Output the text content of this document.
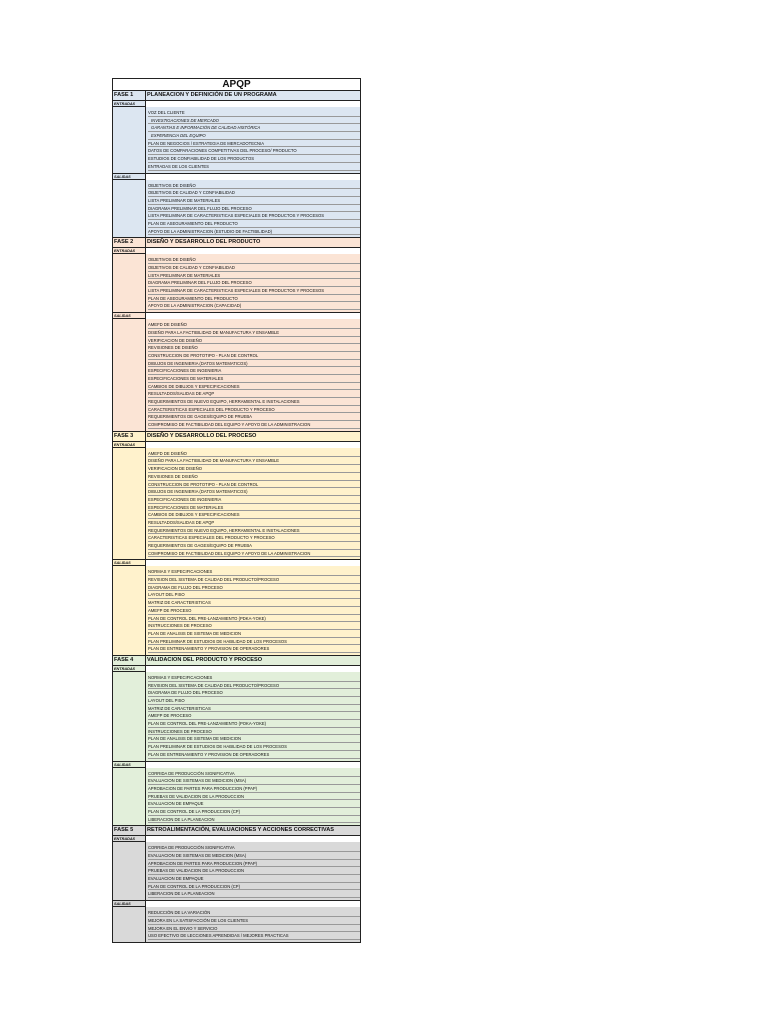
APQP
FASE 1	PLANEACION Y DEFINICIÓN DE UN PROGRAMA
ENTRADAS
VOZ DEL CLIENTE
INVESTIGACIONES DE MERCADO
GARANTIAS E INFORMACIÓN DE CALIDAD HISTÓRICA
EXPERIENCIA DEL EQUIPO
PLAN DE NEGOCIOS / ESTRATEGIA DE MERCADOTECNIA
DATOS DE COMPARACIONES COMPETITIVAS DEL PROCESO/ PRODUCTO
ESTUDIOS DE CONFIABILIDAD DE LOS PRODUCTOS
ENTRADAS DE LOS CLIENTES
SALIDAS
OBJETIVOS DE DISEÑO
OBJETIVOS DE CALIDAD Y CONFIABILIDAD
LISTA PRELIMINAR DE MATERIALES
DIAGRAMA PRELIMINAR DEL FLUJO DEL PROCESO
LISTA PRELIMINAR DE CARACTERISTICAS ESPECIALES DE PRODUCTOS Y PROCESOS
PLAN DE ASEGURAMIENTO DEL PRODUCTO
APOYO DE LA ADMINISTRACION (ESTUDIO DE FACTIBILIDAD)
FASE 2	DISEÑO Y DESARROLLO DEL PRODUCTO
ENTRADAS
OBJETIVOS DE DISEÑO
OBJETIVOS DE CALIDAD Y CONFIABILIDAD
LISTA PRELIMINAR DE MATERIALES
DIAGRAMA PRELIMINAR DEL FLUJO DEL PROCESO
LISTA PRELIMINAR DE CARACTERISTICAS ESPECIALES DE PRODUCTOS Y PROCESOS
PLAN DE ASEGURAMIENTO DEL PRODUCTO
APOYO DE LA ADMINISTRACION (CAPACIDAD)
SALIDAS
AMEFD DE DISEÑO
DISEÑO PARA LA FACTIBILIDAD DE MANUFACTURA Y ENSAMBLE
VERIFICACION DE DISEÑO
REVISIONES DE DISEÑO
CONSTRUCCION DE PROTOTIPO - PLAN DE CONTROL
DIBUJOS DE INGENIERIA (DATOS MATEMATICOS)
ESPECIFICACIONES DE INGENIERIA
ESPECIFICACIONES DE MATERIALES
CAMBIOS DE DIBUJOS Y ESPECIFICACIONES
RESULTADOS/SALIDAS DE APQP
REQUERIMIENTOS DE NUEVO EQUIPO, HERRAMIENTAL E INSTALACIONES
CARACTERISTICAS ESPECIALES DEL PRODUCTO Y PROCESO
REQUERIMIENTOS DE GAGES/EQUIPO DE PRUEBA
COMPROMISO DE FACTIBILIDAD DEL EQUIPO Y APOYO DE LA ADMINISTRACION
FASE 3	DISEÑO Y DESARROLLO DEL PROCESO
ENTRADAS
AMEFD DE DISEÑO
DISEÑO PARA LA FACTIBILIDAD DE MANUFACTURA Y ENSAMBLE
VERIFICACION DE DISEÑO
REVISIONES DE DISEÑO
CONSTRUCCION DE PROTOTIPO - PLAN DE CONTROL
DIBUJOS DE INGENIERIA (DATOS MATEMATICOS)
ESPECIFICACIONES DE INGENIERIA
ESPECIFICACIONES DE MATERIALES
CAMBIOS DE DIBUJOS Y ESPECIFICACIONES
RESULTADOS/SALIDAS DE APQP
REQUERIMIENTOS DE NUEVO EQUIPO, HERRAMIENTAL E INSTALACIONES
CARACTERISTICAS ESPECIALES DEL PRODUCTO Y PROCESO
REQUERIMIENTOS DE GAGES/EQUIPO DE PRUEBA
COMPROMISO DE FACTIBILIDAD DEL EQUIPO Y APOYO DE LA ADMINISTRACION
SALIDAS
NORMAS Y ESPECIFICACIONES
REVISION DEL SISTEMA DE CALIDAD DEL PRODUCTO/PROCESO
DIAGRAMA DE FLUJO DEL PROCESO
LAYOUT DEL PISO
MATRIZ DE CARACTERISTICAS
AMEFP DE PROCESO
PLAN DE CONTROL DEL PRE-LANZAMIENTO (PDKA-YOKE)
INSTRUCCIONES DE PROCESO
PLAN DE ANALISIS DE SISTEMA DE MEDICION
PLAN PRELIMINAR DE ESTUDIOS DE HABILIDAD DE LOS PROCESOS
PLAN DE ENTRENAMIENTO Y PROVISION DE OPERADORES
FASE 4	VALIDACION DEL PRODUCTO Y PROCESO
ENTRADAS
NORMAS Y ESPECIFICACIONES
REVISION DEL SISTEMA DE CALIDAD DEL PRODUCTO/PROCESO
DIAGRAMA DE FLUJO DEL PROCESO
LAYOUT DEL PISO
MATRIZ DE CARACTERISTICAS
AMEFP DE PROCESO
PLAN DE CONTROL DEL PRE-LANZAMIENTO (POKA-YOKE)
INSTRUCCIONES DE PROCESO
PLAN DE ANALISIS DE SISTEMA DE MEDICION
PLAN PRELIMINAR DE ESTUDIOS DE HABILIDAD DE LOS PROCESOS
PLAN DE ENTRENAMIENTO Y PROVISION DE OPERADORES
SALIDAS
CORRIDA DE PRODUCCIÓN SIGNIFICATIVA
EVALUACION DE SISTEMAS DE MEDICION (MSA)
APROBACION DE PARTES PARA PRODUCCION (PPAP)
PRUEBAS DE VALIDACION DE LA PRODUCCION
EVALUACION DE EMPAQUE
PLAN DE CONTROL DE LA PRODUCCION (CP)
LIBERACION DE LA PLANEACION
FASE 5	RETROALIMENTACIÓN, EVALUACIONES Y ACCIONES CORRECTIVAS
ENTRADAS
CORRIDA DE PRODUCCIÓN SIGNIFICATIVA
EVALUACION DE SISTEMAS DE MEDICION (MSA)
APROBACION DE PARTES PARA PRODUCCION (PPAP)
PRUEBAS DE VALIDACION DE LA PRODUCCION
EVALUACION DE EMPAQUE
PLAN DE CONTROL DE LA PRODUCCION (CP)
LIBERACION DE LA PLANEACION
SALIDAS
REDUCCIÓN DE LA VARIACIÓN
MEJORA EN LA SATISFACCIÓN DE LOS CLIENTES
MEJORA EN EL ENVIO Y SERVICIO
USO EFECTIVO DE LECCIONES APRENDIDAS / MEJORES PRACTICAS
